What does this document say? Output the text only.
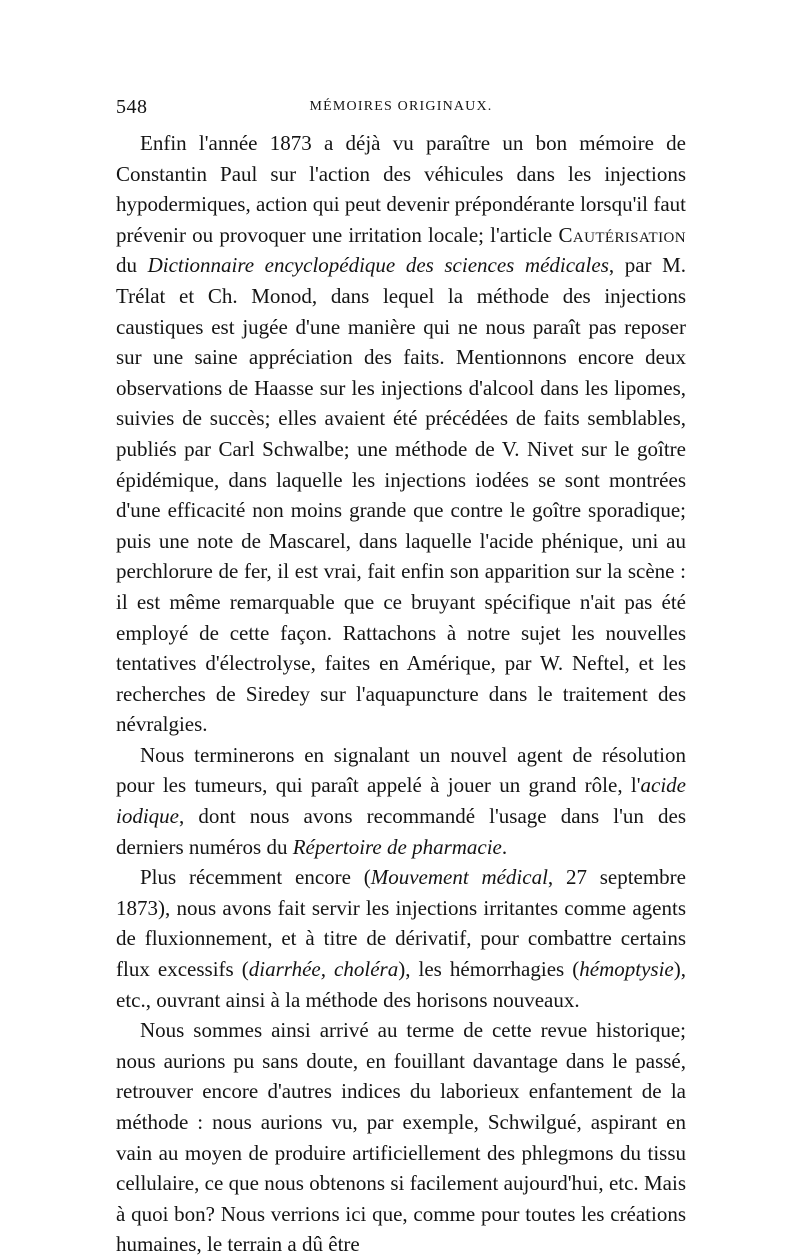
548	MÉMOIRES ORIGINAUX.

Enfin l'année 1873 a déjà vu paraître un bon mémoire de Constantin Paul sur l'action des véhicules dans les injections hypodermiques, action qui peut devenir prépondérante lorsqu'il faut prévenir ou provoquer une irritation locale; l'article Cautérisation du Dictionnaire encyclopédique des sciences médicales, par M. Trélat et Ch. Monod, dans lequel la méthode des injections caustiques est jugée d'une manière qui ne nous paraît pas reposer sur une saine appréciation des faits. Mentionnons encore deux observations de Haasse sur les injections d'alcool dans les lipomes, suivies de succès; elles avaient été précédées de faits semblables, publiés par Carl Schwalbe; une méthode de V. Nivet sur le goître épidémique, dans laquelle les injections iodées se sont montrées d'une efficacité non moins grande que contre le goître sporadique; puis une note de Mascarel, dans laquelle l'acide phénique, uni au perchlorure de fer, il est vrai, fait enfin son apparition sur la scène : il est même remarquable que ce bruyant spécifique n'ait pas été employé de cette façon. Rattachons à notre sujet les nouvelles tentatives d'électrolyse, faites en Amérique, par W. Neftel, et les recherches de Siredey sur l'aquapuncture dans le traitement des névralgies.

Nous terminerons en signalant un nouvel agent de résolution pour les tumeurs, qui paraît appelé à jouer un grand rôle, l'acide iodique, dont nous avons recommandé l'usage dans l'un des derniers numéros du Répertoire de pharmacie.

Plus récemment encore (Mouvement médical, 27 septembre 1873), nous avons fait servir les injections irritantes comme agents de fluxionnement, et à titre de dérivatif, pour combattre certains flux excessifs (diarrhée, choléra), les hémorrhagies (hémoptysie), etc., ouvrant ainsi à la méthode des horisons nouveaux.

Nous sommes ainsi arrivé au terme de cette revue historique; nous aurions pu sans doute, en fouillant davantage dans le passé, retrouver encore d'autres indices du laborieux enfantement de la méthode : nous aurions vu, par exemple, Schwilgué, aspirant en vain au moyen de produire artificiellement des phlegmons du tissu cellulaire, ce que nous obtenons si facilement aujourd'hui, etc. Mais à quoi bon? Nous verrions ici que, comme pour toutes les créations humaines, le terrain a dû être
